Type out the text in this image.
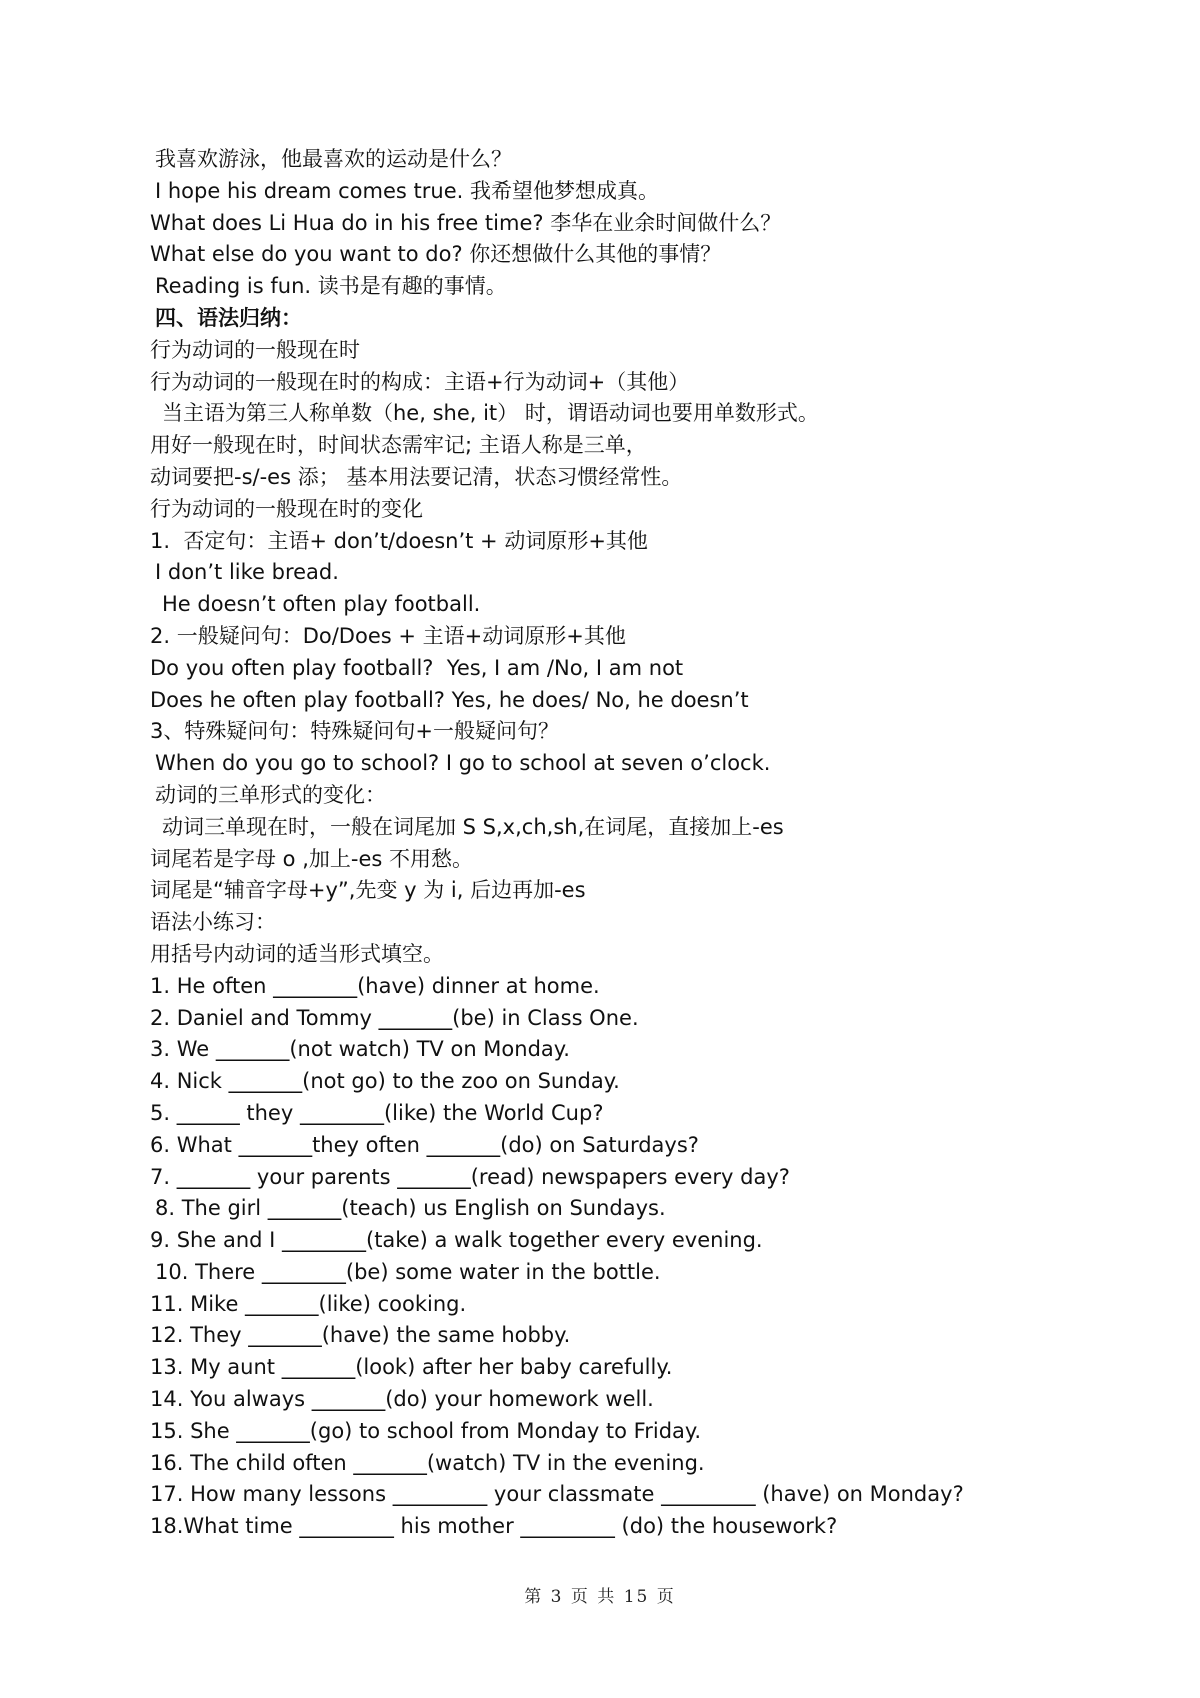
我喜欢游泳，他最喜欢的运动是什么？
I hope his dream comes true. 我希望他梦想成真。
What does Li Hua do in his free time? 李华在业余时间做什么？
What else do you want to do? 你还想做什么其他的事情？
Reading is fun. 读书是有趣的事情。
四、语法归纳：
行为动词的一般现在时
行为动词的一般现在时的构成：主语+行为动词+（其他）
当主语为第三人称单数（he, she, it） 时，谓语动词也要用单数形式。
用好一般现在时，时间状态需牢记; 主语人称是三单，
动词要把-s/-es 添； 基本用法要记清，状态习惯经常性。
行为动词的一般现在时的变化
1.  否定句：主语+ don’t/doesn’t + 动词原形+其他
I don’t like bread.
He doesn’t often play football.
2. 一般疑问句：Do/Does + 主语+动词原形+其他
Do you often play football?  Yes, I am /No, I am not
Does he often play football? Yes, he does/ No, he doesn’t
3、特殊疑问句：特殊疑问句+一般疑问句？
When do you go to school? I go to school at seven o’clock.
动词的三单形式的变化：
动词三单现在时，一般在词尾加 S S,x,ch,sh,在词尾，直接加上-es
词尾若是字母 o ,加上-es 不用愁。
词尾是“辅音字母+y”,先变 y 为 i, 后边再加-es
语法小练习：
用括号内动词的适当形式填空。
1. He often ________(have) dinner at home.
2. Daniel and Tommy _______(be) in Class One.
3. We _______(not watch) TV on Monday.
4. Nick _______(not go) to the zoo on Sunday.
5. ______ they ________(like) the World Cup?
6. What _______they often _______(do) on Saturdays?
7. _______ your parents _______(read) newspapers every day?
8. The girl _______(teach) us English on Sundays.
9. She and I ________(take) a walk together every evening.
10. There ________(be) some water in the bottle.
11. Mike _______(like) cooking.
12. They _______(have) the same hobby.
13. My aunt _______(look) after her baby carefully.
14. You always _______(do) your homework well.
15. She _______(go) to school from Monday to Friday.
16. The child often _______(watch) TV in the evening.
17. How many lessons _________ your classmate _________ (have) on Monday?
18.What time _________ his mother _________ (do) the housework?
第 3 页 共 15 页
